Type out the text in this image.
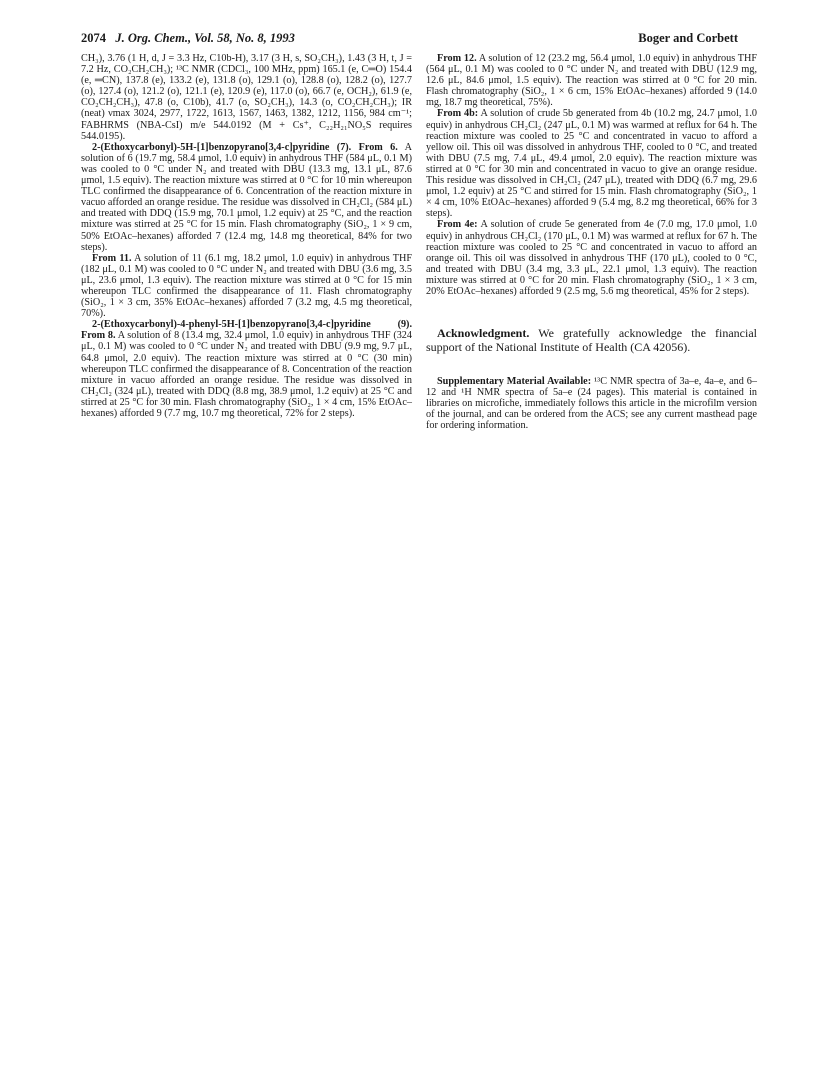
2074 J. Org. Chem., Vol. 58, No. 8, 1993	Boger and Corbett

CH₃), 3.76 (1 H, d, J = 3.3 Hz, C10b-H), 3.17 (3 H, s, SO₂CH₃), 1.43 (3 H, t, J = 7.2 Hz, CO₂CH₂CH₃); ¹³C NMR (CDCl₃, 100 MHz, ppm) 165.1 (e, C═O) 154.4 (e, ═CN), 137.8 (e), 133.2 (e), 131.8 (o), 129.1 (o), 128.8 (o), 128.2 (o), 127.7 (o), 127.4 (o), 121.2 (o), 121.1 (e), 120.9 (e), 117.0 (o), 66.7 (e, OCH₂), 61.9 (e, CO₂CH₂CH₃), 47.8 (o, C10b), 41.7 (o, SO₂CH₃), 14.3 (o, CO₂CH₂CH₃); IR (neat) νmax 3024, 2977, 1722, 1613, 1567, 1463, 1382, 1212, 1156, 984 cm⁻¹; FABHRMS (NBA-CsI) m/e 544.0192 (M + Cs⁺, C₂₂H₂₁NO₅S requires 544.0195).

2-(Ethoxycarbonyl)-5H-[1]benzopyrano[3,4-c]pyridine (7). From 6. A solution of 6 (19.7 mg, 58.4 μmol, 1.0 equiv) in anhydrous THF (584 μL, 0.1 M) was cooled to 0 °C under N₂ and treated with DBU (13.3 mg, 13.1 μL, 87.6 μmol, 1.5 equiv). The reaction mixture was stirred at 0 °C for 10 min whereupon TLC confirmed the disappearance of 6. Concentration of the reaction mixture in vacuo afforded an orange residue. The residue was dissolved in CH₂Cl₂ (584 μL) and treated with DDQ (15.9 mg, 70.1 μmol, 1.2 equiv) at 25 °C, and the reaction mixture was stirred at 25 °C for 15 min. Flash chromatography (SiO₂, 1 × 9 cm, 50% EtOAc–hexanes) afforded 7 (12.4 mg, 14.8 mg theoretical, 84% for two steps).

From 11. A solution of 11 (6.1 mg, 18.2 μmol, 1.0 equiv) in anhydrous THF (182 μL, 0.1 M) was cooled to 0 °C under N₂ and treated with DBU (3.6 mg, 3.5 μL, 23.6 μmol, 1.3 equiv). The reaction mixture was stirred at 0 °C for 15 min whereupon TLC confirmed the disappearance of 11. Flash chromatography (SiO₂, 1 × 3 cm, 35% EtOAc–hexanes) afforded 7 (3.2 mg, 4.5 mg theoretical, 70%).

2-(Ethoxycarbonyl)-4-phenyl-5H-[1]benzopyrano[3,4-c]pyridine (9). From 8. A solution of 8 (13.4 mg, 32.4 μmol, 1.0 equiv) in anhydrous THF (324 μL, 0.1 M) was cooled to 0 °C under N₂ and treated with DBU (9.9 mg, 9.7 μL, 64.8 μmol, 2.0 equiv). The reaction mixture was stirred at 0 °C (30 min) whereupon TLC confirmed the disappearance of 8. Concentration of the reaction mixture in vacuo afforded an orange residue. The residue was dissolved in CH₂Cl₂ (324 μL), treated with DDQ (8.8 mg, 38.9 μmol, 1.2 equiv) at 25 °C and stirred at 25 °C for 30 min. Flash chromatography (SiO₂, 1 × 4 cm, 15% EtOAc–hexanes) afforded 9 (7.7 mg, 10.7 mg theoretical, 72% for 2 steps).

From 12. A solution of 12 (23.2 mg, 56.4 μmol, 1.0 equiv) in anhydrous THF (564 μL, 0.1 M) was cooled to 0 °C under N₂ and treated with DBU (12.9 mg, 12.6 μL, 84.6 μmol, 1.5 equiv). The reaction was stirred at 0 °C for 20 min. Flash chromatography (SiO₂, 1 × 6 cm, 15% EtOAc–hexanes) afforded 9 (14.0 mg, 18.7 mg theoretical, 75%).

From 4b: A solution of crude 5b generated from 4b (10.2 mg, 24.7 μmol, 1.0 equiv) in anhydrous CH₂Cl₂ (247 μL, 0.1 M) was warmed at reflux for 64 h. The reaction mixture was cooled to 25 °C and concentrated in vacuo to afford a yellow oil. This oil was dissolved in anhydrous THF, cooled to 0 °C, and treated with DBU (7.5 mg, 7.4 μL, 49.4 μmol, 2.0 equiv). The reaction mixture was stirred at 0 °C for 30 min and concentrated in vacuo to give an orange residue. This residue was dissolved in CH₂Cl₂ (247 μL), treated with DDQ (6.7 mg, 29.6 μmol, 1.2 equiv) at 25 °C and stirred for 15 min. Flash chromatography (SiO₂, 1 × 4 cm, 10% EtOAc–hexanes) afforded 9 (5.4 mg, 8.2 mg theoretical, 66% for 3 steps).

From 4e: A solution of crude 5e generated from 4e (7.0 mg, 17.0 μmol, 1.0 equiv) in anhydrous CH₂Cl₂ (170 μL, 0.1 M) was warmed at reflux for 67 h. The reaction mixture was cooled to 25 °C and concentrated in vacuo to afford an orange oil. This oil was dissolved in anhydrous THF (170 μL), cooled to 0 °C, and treated with DBU (3.4 mg, 3.3 μL, 22.1 μmol, 1.3 equiv). The reaction mixture was stirred at 0 °C for 20 min. Flash chromatography (SiO₂, 1 × 3 cm, 20% EtOAc–hexanes) afforded 9 (2.5 mg, 5.6 mg theoretical, 45% for 2 steps).

Acknowledgment. We gratefully acknowledge the financial support of the National Institute of Health (CA 42056).

Supplementary Material Available: ¹³C NMR spectra of 3a–e, 4a–e, and 6–12 and ¹H NMR spectra of 5a–e (24 pages). This material is contained in libraries on microfiche, immediately follows this article in the microfilm version of the journal, and can be ordered from the ACS; see any current masthead page for ordering information.
